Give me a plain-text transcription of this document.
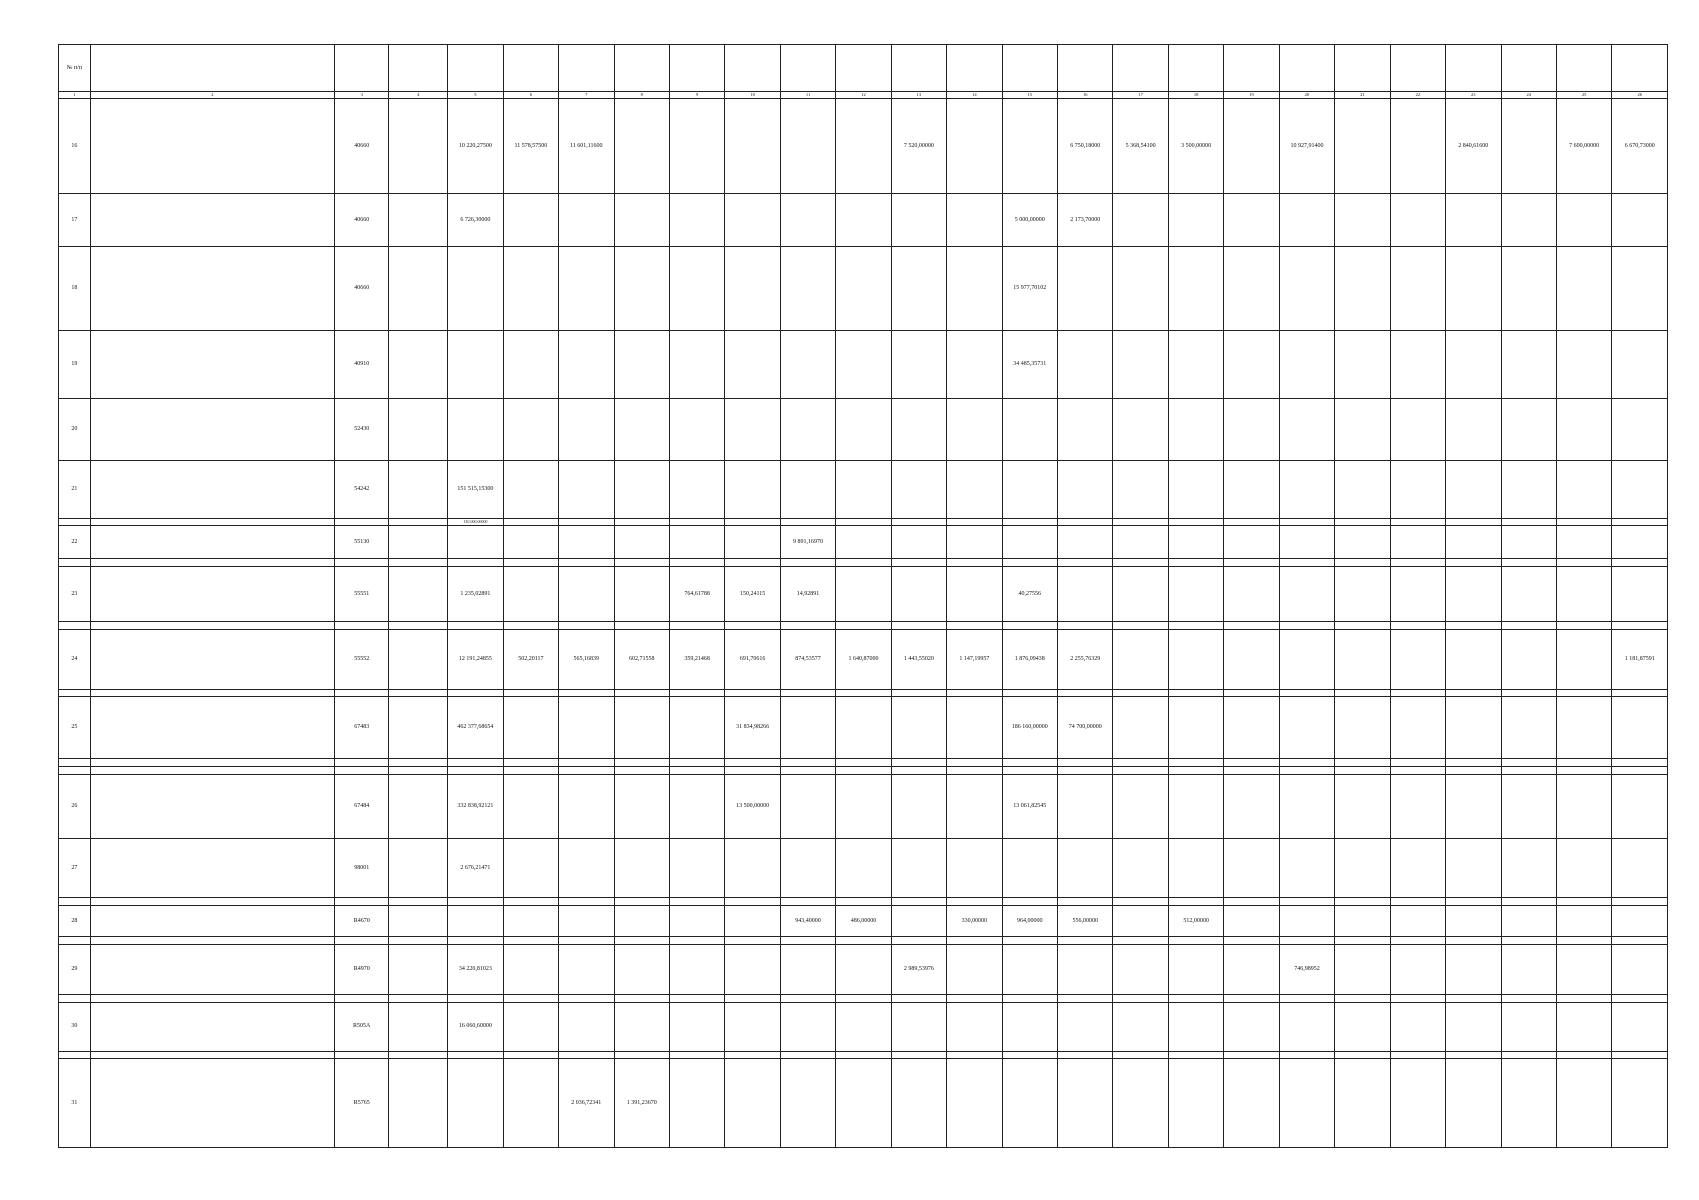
№ п/п																									
1	2	3	4	5	6	7	8	9	10	11	12	13	14	15	16	17	18	19	20	21	22	23	24	25	26
16		40660		10 220,27500	11 578,57500	11 601,11600						7 520,00000			6 750,18000	5 368,54100	3 500,00000		10 927,91400			2 840,61600		7 600,00000	6 670,73000
17		40660		6 726,30000										5 000,00000	2 173,70000										
18		40660												15 977,70102											
19		40910												34 485,35731											
20		52430																							
21		54242		151 515,15300																					
				150 000,00000																					
22		55130								9 891,16970															

23		55551		1 235,02891				764,61788	150,24115	14,92891				40,27556											

24		55552		12 191,24855	502,20117	565,16839	602,71558	359,21468	691,70616	874,53577	1 640,87000	1 443,55020	1 147,19957	1 876,09438	2 255,76329										1 181,87591

25		67483		462 377,68654					31 834,98266					186 160,00000	74 700,00000										

26		67484		332 838,92121					13 500,00000					13 061,82545											
27		98001		2 676,21471																					

28		R4670								943,40000	486,00000		330,00000	964,00000	556,00000		512,00000								

29		R4970		34 220,81023								2 989,53976							746,98952						

30		R505A		16 060,60000																					

31		R5765				2 036,72341	1 391,23670																		
